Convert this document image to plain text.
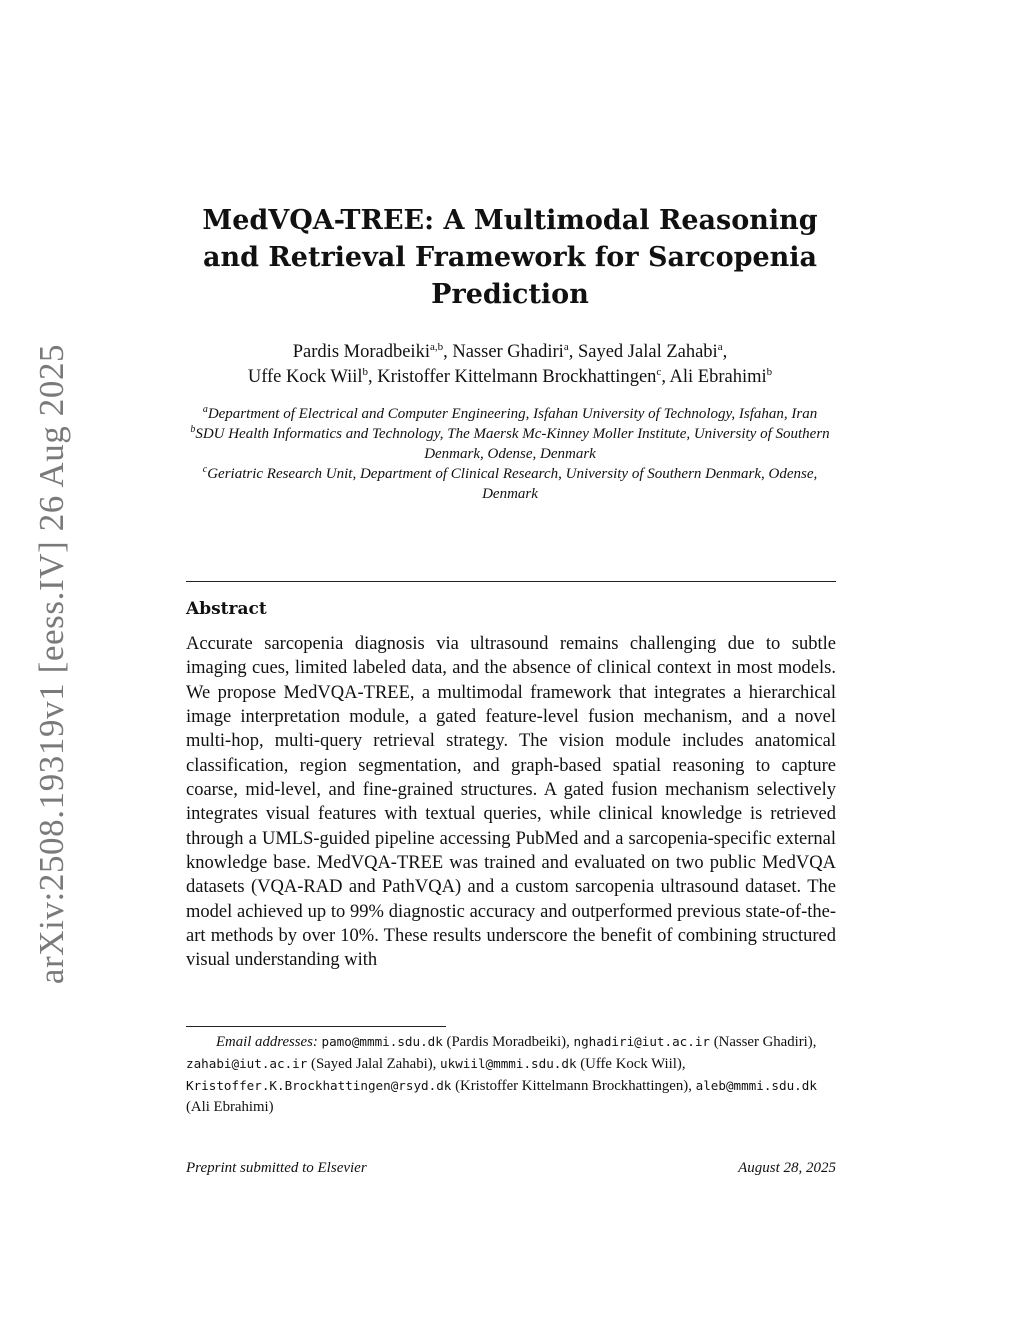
arXiv:2508.19319v1 [eess.IV] 26 Aug 2025
MedVQA-TREE: A Multimodal Reasoning
and Retrieval Framework for Sarcopenia
Prediction
Pardis Moradbeiki$^{a,b}$, Nasser Ghadiri$^a$, Sayed Jalal Zahabi$^a$,
Uffe Kock Wiil$^b$, Kristoffer Kittelmann Brockhattingen$^c$, Ali Ebrahimi$^b$
$^a$Department of Electrical and Computer Engineering, Isfahan University of Technology, Isfahan, Iran
$^b$SDU Health Informatics and Technology, The Maersk Mc-Kinney Moller Institute, University of Southern Denmark, Odense, Denmark
$^c$Geriatric Research Unit, Department of Clinical Research, University of Southern Denmark, Odense, Denmark
Abstract

Accurate sarcopenia diagnosis via ultrasound remains challenging due to subtle imaging cues, limited labeled data, and the absence of clinical context in most models. We propose MedVQA-TREE, a multimodal framework that integrates a hierarchical image interpretation module, a gated feature-level fusion mechanism, and a novel multi-hop, multi-query retrieval strategy. The vision module includes anatomical classification, region segmentation, and graph-based spatial reasoning to capture coarse, mid-level, and fine-grained structures. A gated fusion mechanism selectively integrates visual features with textual queries, while clinical knowledge is retrieved through a UMLS-guided pipeline accessing PubMed and a sarcopenia-specific external knowledge base. MedVQA-TREE was trained and evaluated on two public MedVQA datasets (VQA-RAD and PathVQA) and a custom sarcopenia ultrasound dataset. The model achieved up to 99% diagnostic accuracy and outperformed previous state-of-the-art methods by over 10%. These results underscore the benefit of combining structured visual understanding with

Email addresses: pamo@mmmi.sdu.dk (Pardis Moradbeiki), nghadiri@iut.ac.ir (Nasser Ghadiri), zahabi@iut.ac.ir (Sayed Jalal Zahabi), ukwiil@mmmi.sdu.dk (Uffe Kock Wiil), Kristoffer.K.Brockhattingen@rsyd.dk (Kristoffer Kittelmann Brockhattingen), aleb@mmmi.sdu.dk (Ali Ebrahimi)
Preprint submitted to Elsevier	August 28, 2025
